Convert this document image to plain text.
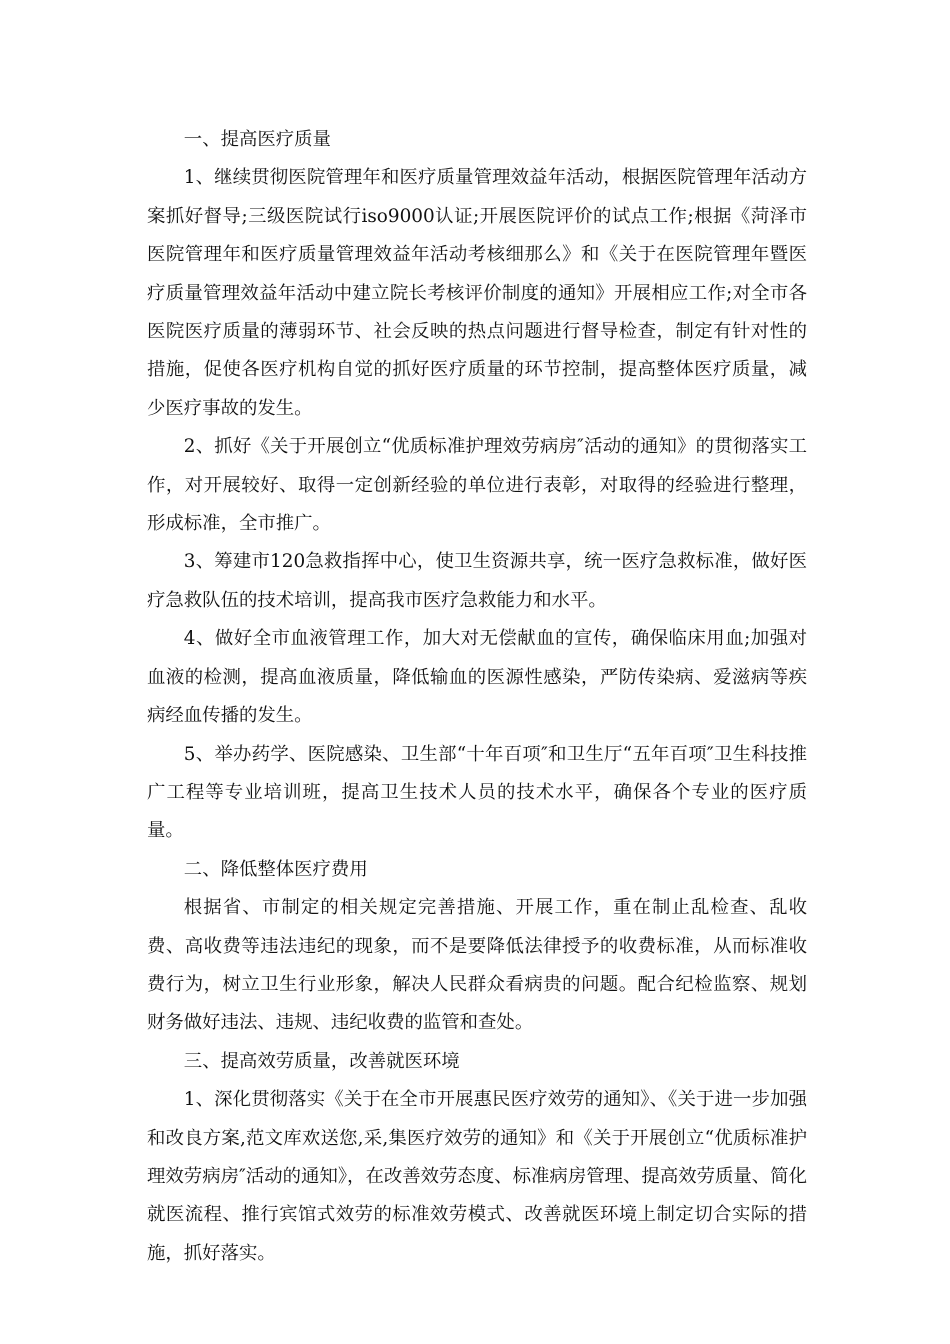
一、提高医疗质量

1、继续贯彻医院管理年和医疗质量管理效益年活动，根据医院管理年活动方案抓好督导;三级医院试行iso9000认证;开展医院评价的试点工作;根据《菏泽市医院管理年和医疗质量管理效益年活动考核细那么》和《关于在医院管理年暨医疗质量管理效益年活动中建立院长考核评价制度的通知》开展相应工作;对全市各医院医疗质量的薄弱环节、社会反映的热点问题进行督导检查，制定有针对性的措施，促使各医疗机构自觉的抓好医疗质量的环节控制，提高整体医疗质量，减少医疗事故的发生。

2、抓好《关于开展创立“优质标准护理效劳病房″活动的通知》的贯彻落实工作，对开展较好、取得一定创新经验的单位进行表彰，对取得的经验进行整理，形成标准，全市推广。

3、筹建市120急救指挥中心，使卫生资源共享，统一医疗急救标准，做好医疗急救队伍的技术培训，提高我市医疗急救能力和水平。

4、做好全市血液管理工作，加大对无偿献血的宣传，确保临床用血;加强对血液的检测，提高血液质量，降低输血的医源性感染，严防传染病、爱滋病等疾病经血传播的发生。

5、举办药学、医院感染、卫生部“十年百项″和卫生厅“五年百项″卫生科技推广工程等专业培训班，提高卫生技术人员的技术水平，确保各个专业的医疗质量。

二、降低整体医疗费用

根据省、市制定的相关规定完善措施、开展工作，重在制止乱检查、乱收费、高收费等违法违纪的现象，而不是要降低法律授予的收费标准，从而标准收费行为，树立卫生行业形象，解决人民群众看病贵的问题。配合纪检监察、规划财务做好违法、违规、违纪收费的监管和查处。

三、提高效劳质量，改善就医环境

1、深化贯彻落实《关于在全市开展惠民医疗效劳的通知》、《关于进一步加强和改良方案,范文库欢送您,采,集医疗效劳的通知》和《关于开展创立“优质标准护理效劳病房″活动的通知》，在改善效劳态度、标准病房管理、提高效劳质量、简化就医流程、推行宾馆式效劳的标准效劳模式、改善就医环境上制定切合实际的措施，抓好落实。
